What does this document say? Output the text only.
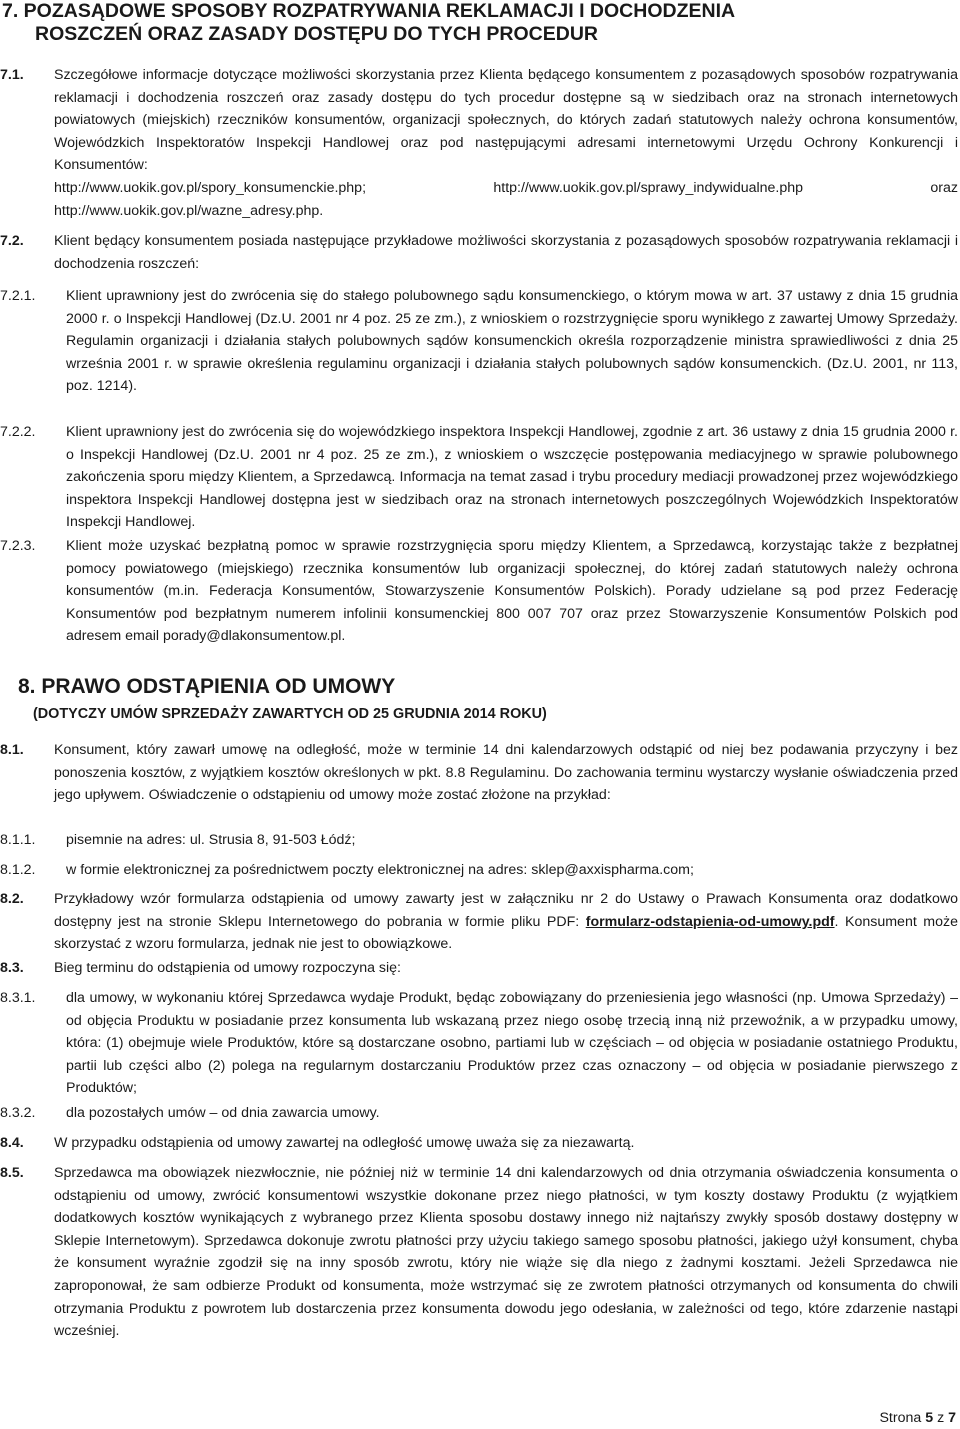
7. POZASĄDOWE SPOSOBY ROZPATRYWANIA REKLAMACJI I DOCHODZENIA
ROSZCZEŃ ORAZ ZASADY DOSTĘPU DO TYCH PROCEDUR
7.1. Szczegółowe informacje dotyczące możliwości skorzystania przez Klienta będącego konsumentem z pozasądowych sposobów rozpatrywania reklamacji i dochodzenia roszczeń oraz zasady dostępu do tych procedur dostępne są w siedzibach oraz na stronach internetowych powiatowych (miejskich) rzeczników konsumentów, organizacji społecznych, do których zadań statutowych należy ochrona konsumentów, Wojewódzkich Inspektoratów Inspekcji Handlowej oraz pod następującymi adresami internetowymi Urzędu Ochrony Konkurencji i Konsumentów:
http://www.uokik.gov.pl/spory_konsumenckie.php;	http://www.uokik.gov.pl/sprawy_indywidualne.php	oraz
http://www.uokik.gov.pl/wazne_adresy.php.
7.2. Klient będący konsumentem posiada następujące przykładowe możliwości skorzystania z pozasądowych sposobów rozpatrywania reklamacji i dochodzenia roszczeń:
7.2.1. Klient uprawniony jest do zwrócenia się do stałego polubownego sądu konsumenckiego, o którym mowa w art. 37 ustawy z dnia 15 grudnia 2000 r. o Inspekcji Handlowej (Dz.U. 2001 nr 4 poz. 25 ze zm.), z wnioskiem o rozstrzygnięcie sporu wynikłego z zawartej Umowy Sprzedaży. Regulamin organizacji i działania stałych polubownych sądów konsumenckich określa rozporządzenie ministra sprawiedliwości z dnia 25 września 2001 r. w sprawie określenia regulaminu organizacji i działania stałych polubownych sądów konsumenckich. (Dz.U. 2001, nr 113, poz. 1214).
7.2.2. Klient uprawniony jest do zwrócenia się do wojewódzkiego inspektora Inspekcji Handlowej, zgodnie z art. 36 ustawy z dnia 15 grudnia 2000 r. o Inspekcji Handlowej (Dz.U. 2001 nr 4 poz. 25 ze zm.), z wnioskiem o wszczęcie postępowania mediacyjnego w sprawie polubownego zakończenia sporu między Klientem, a Sprzedawcą. Informacja na temat zasad i trybu procedury mediacji prowadzonej przez wojewódzkiego inspektora Inspekcji Handlowej dostępna jest w siedzibach oraz na stronach internetowych poszczególnych Wojewódzkich Inspektoratów Inspekcji Handlowej.
7.2.3. Klient może uzyskać bezpłatną pomoc w sprawie rozstrzygnięcia sporu między Klientem, a Sprzedawcą, korzystając także z bezpłatnej pomocy powiatowego (miejskiego) rzecznika konsumentów lub organizacji społecznej, do której zadań statutowych należy ochrona konsumentów (m.in. Federacja Konsumentów, Stowarzyszenie Konsumentów Polskich). Porady udzielane są pod przez Federację Konsumentów pod bezpłatnym numerem infolinii konsumenckiej 800 007 707 oraz przez Stowarzyszenie Konsumentów Polskich pod adresem email porady@dlakonsumentow.pl.
8. PRAWO ODSTĄPIENIA OD UMOWY
(DOTYCZY UMÓW SPRZEDAŻY ZAWARTYCH OD 25 GRUDNIA 2014 ROKU)
8.1. Konsument, który zawarł umowę na odległość, może w terminie 14 dni kalendarzowych odstąpić od niej bez podawania przyczyny i bez ponoszenia kosztów, z wyjątkiem kosztów określonych w pkt. 8.8 Regulaminu. Do zachowania terminu wystarczy wysłanie oświadczenia przed jego upływem. Oświadczenie o odstąpieniu od umowy może zostać złożone na przykład:
8.1.1. pisemnie na adres: ul. Strusia 8, 91-503 Łódź;
8.1.2. w formie elektronicznej za pośrednictwem poczty elektronicznej na adres: sklep@axxispharma.com;
8.2. Przykładowy wzór formularza odstąpienia od umowy zawarty jest w załączniku nr 2 do Ustawy o Prawach Konsumenta oraz dodatkowo dostępny jest na stronie Sklepu Internetowego do pobrania w formie pliku PDF: formularz-odstapienia-od-umowy.pdf. Konsument może skorzystać z wzoru formularza, jednak nie jest to obowiązkowe.
8.3. Bieg terminu do odstąpienia od umowy rozpoczyna się:
8.3.1. dla umowy, w wykonaniu której Sprzedawca wydaje Produkt, będąc zobowiązany do przeniesienia jego własności (np. Umowa Sprzedaży) – od objęcia Produktu w posiadanie przez konsumenta lub wskazaną przez niego osobę trzecią inną niż przewoźnik, a w przypadku umowy, która: (1) obejmuje wiele Produktów, które są dostarczane osobno, partiami lub w częściach – od objęcia w posiadanie ostatniego Produktu, partii lub części albo (2) polega na regularnym dostarczaniu Produktów przez czas oznaczony – od objęcia w posiadanie pierwszego z Produktów;
8.3.2. dla pozostałych umów – od dnia zawarcia umowy.
8.4. W przypadku odstąpienia od umowy zawartej na odległość umowę uważa się za niezawartą.
8.5. Sprzedawca ma obowiązek niezwłocznie, nie później niż w terminie 14 dni kalendarzowych od dnia otrzymania oświadczenia konsumenta o odstąpieniu od umowy, zwrócić konsumentowi wszystkie dokonane przez niego płatności, w tym koszty dostawy Produktu (z wyjątkiem dodatkowych kosztów wynikających z wybranego przez Klienta sposobu dostawy innego niż najtańszy zwykły sposób dostawy dostępny w Sklepie Internetowym). Sprzedawca dokonuje zwrotu płatności przy użyciu takiego samego sposobu płatności, jakiego użył konsument, chyba że konsument wyraźnie zgodził się na inny sposób zwrotu, który nie wiąże się dla niego z żadnymi kosztami. Jeżeli Sprzedawca nie zaproponował, że sam odbierze Produkt od konsumenta, może wstrzymać się ze zwrotem płatności otrzymanych od konsumenta do chwili otrzymania Produktu z powrotem lub dostarczenia przez konsumenta dowodu jego odesłania, w zależności od tego, które zdarzenie nastąpi wcześniej.
Strona 5 z 7
